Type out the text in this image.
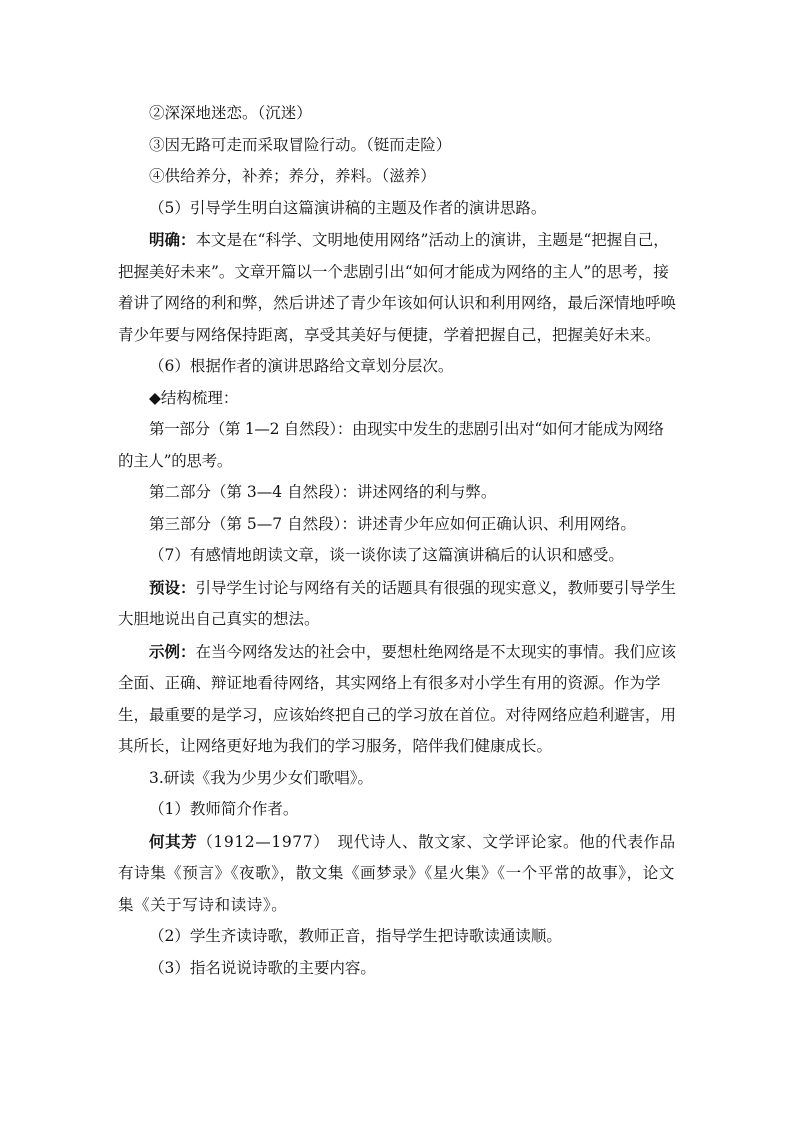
②深深地迷恋。（沉迷）

③因无路可走而采取冒险行动。（铤而走险）

④供给养分，补养；养分，养料。（滋养）

（5）引导学生明白这篇演讲稿的主题及作者的演讲思路。

明确：本文是在“科学、文明地使用网络”活动上的演讲，主题是“把握自己，把握美好未来”。文章开篇以一个悲剧引出“如何才能成为网络的主人”的思考，接着讲了网络的利和弊，然后讲述了青少年该如何认识和利用网络，最后深情地呼唤青少年要与网络保持距离，享受其美好与便捷，学着把握自己，把握美好未来。

（6）根据作者的演讲思路给文章划分层次。

◆结构梳理：

第一部分（第 1—2 自然段）：由现实中发生的悲剧引出对“如何才能成为网络的主人”的思考。

第二部分（第 3—4 自然段）：讲述网络的利与弊。

第三部分（第 5—7 自然段）：讲述青少年应如何正确认识、利用网络。

（7）有感情地朗读文章，谈一谈你读了这篇演讲稿后的认识和感受。

预设：引导学生讨论与网络有关的话题具有很强的现实意义，教师要引导学生大胆地说出自己真实的想法。

示例：在当今网络发达的社会中，要想杜绝网络是不太现实的事情。我们应该全面、正确、辩证地看待网络，其实网络上有很多对小学生有用的资源。作为学生，最重要的是学习，应该始终把自己的学习放在首位。对待网络应趋利避害，用其所长，让网络更好地为我们的学习服务，陪伴我们健康成长。

3.研读《我为少男少女们歌唱》。

（1）教师简介作者。

何其芳（1912—1977）　现代诗人、散文家、文学评论家。他的代表作品有诗集《预言》《夜歌》，散文集《画梦录》《星火集》《一个平常的故事》，论文集《关于写诗和读诗》。

（2）学生齐读诗歌，教师正音，指导学生把诗歌读通读顺。

（3）指名说说诗歌的主要内容。
